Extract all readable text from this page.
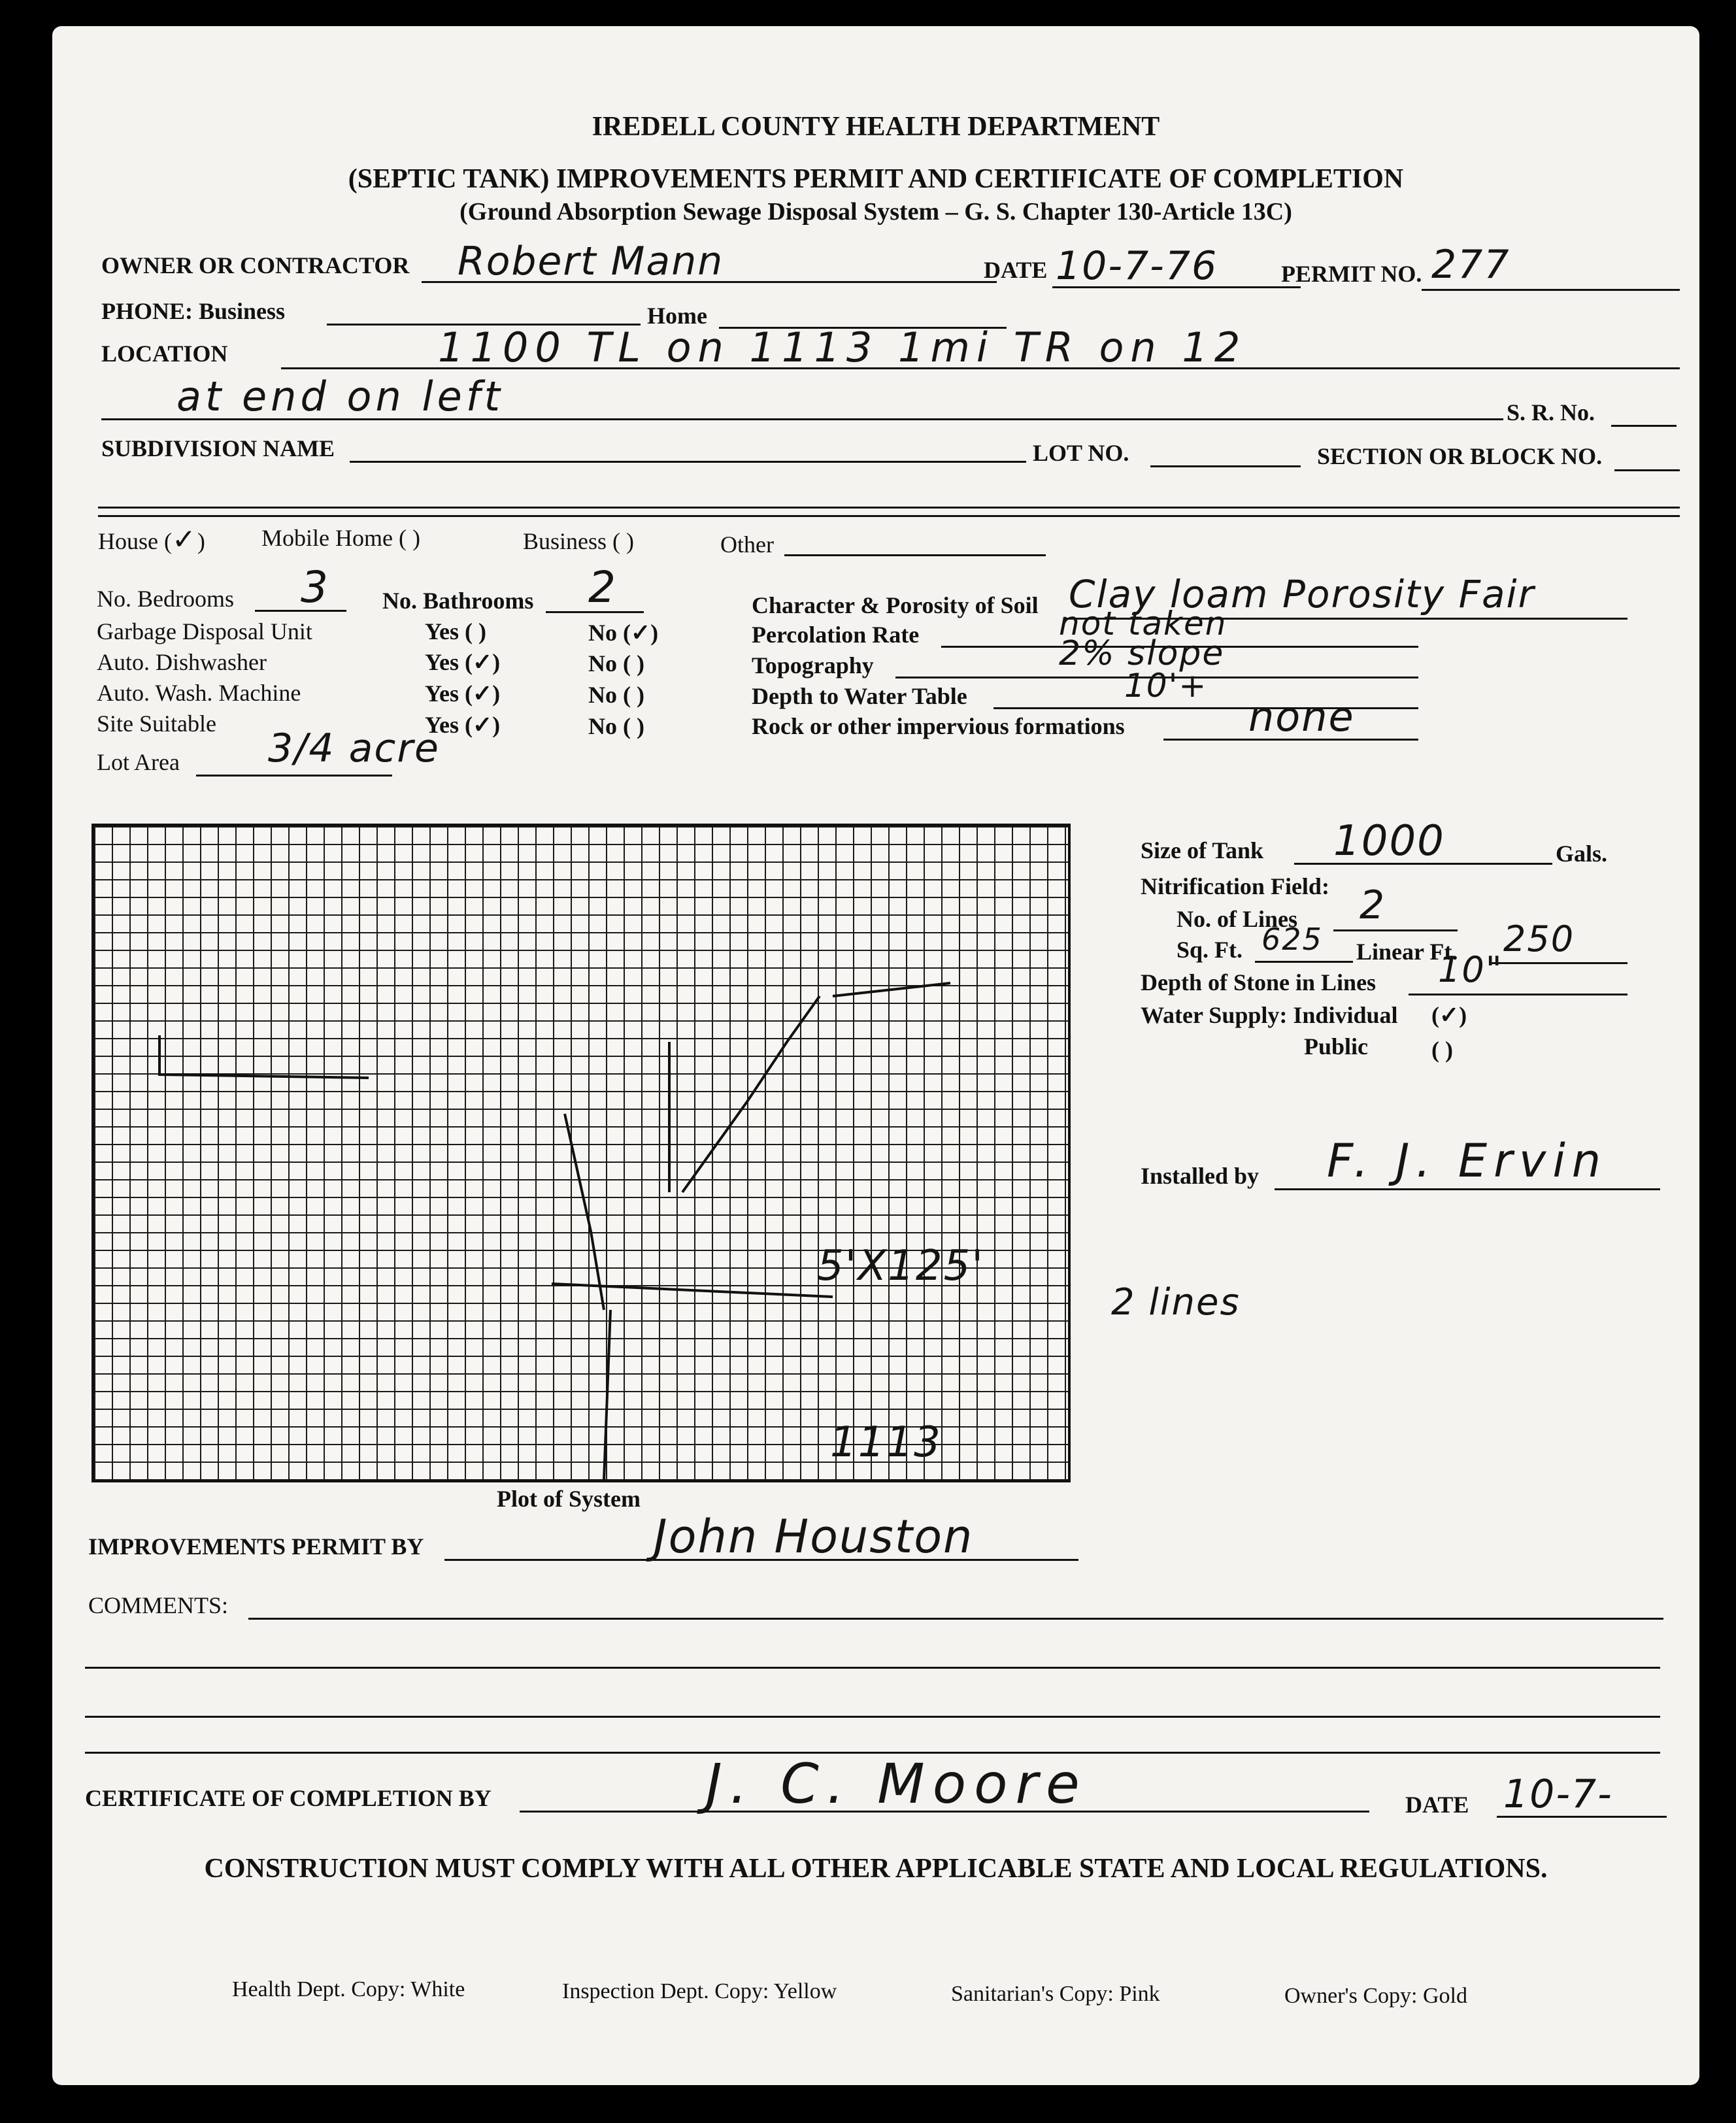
IREDELL COUNTY HEALTH DEPARTMENT
(SEPTIC TANK) IMPROVEMENTS PERMIT AND CERTIFICATE OF COMPLETION
(Ground Absorption Sewage Disposal System – G. S. Chapter 130-Article 13C)
OWNER OR CONTRACTOR Robert Mann	DATE 10-7-76	PERMIT NO. 277
PHONE: Business	Home
LOCATION	1100 TL on 1113 1mi TR on 12
at end on left	S. R. No.
SUBDIVISION NAME	LOT NO.	SECTION OR BLOCK NO.
House (✓) Mobile Home ( )	Business ( )	Other
No. Bedrooms 3 No. Bathrooms 2
Garbage Disposal Unit	Yes ( )	No (✓)
Auto. Dishwasher	Yes (✓)	No ( )
Auto. Wash. Machine	Yes (✓)	No ( )
Site Suitable	Yes (✓)	No ( )
Lot Area 3/4 acre
Character & Porosity of Soil Clay loam Porosity Fair
Percolation Rate	not taken
Topography	2% slope
Depth to Water Table	10'+
Rock or other impervious formations	none
5'X125'
2 lines
1113
Plot of System
Size of Tank 1000	Gals.
Nitrification Field:
No. of Lines 2
Sq. Ft. 625 Linear Ft. 250
Depth of Stone in Lines 10"
Water Supply: Individual (✓)
Public	( )
Installed by F. J. Ervin
IMPROVEMENTS PERMIT BY	John Houston
COMMENTS:
CERTIFICATE OF COMPLETION BY	J. C. Moore	DATE 10-7-
CONSTRUCTION MUST COMPLY WITH ALL OTHER APPLICABLE STATE AND LOCAL REGULATIONS.
Health Dept. Copy: White	Inspection Dept. Copy: Yellow	Sanitarian's Copy: Pink	Owner's Copy: Gold
